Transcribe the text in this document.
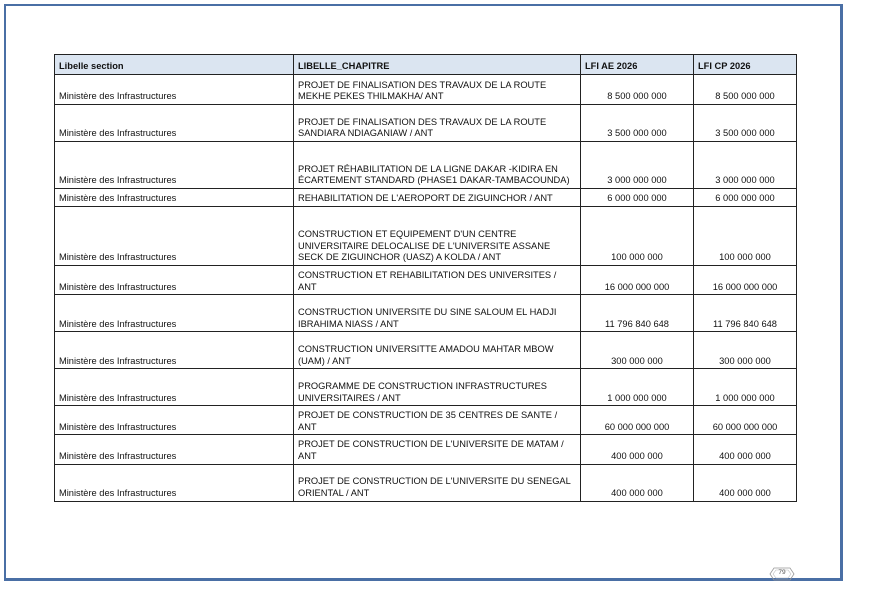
Libelle section	LIBELLE_CHAPITRE	LFI AE 2026	LFI CP 2026
Ministère des Infrastructures	PROJET DE FINALISATION DES TRAVAUX DE LA ROUTE MEKHE PEKES THILMAKHA/ ANT	8 500 000 000	8 500 000 000
Ministère des Infrastructures	PROJET DE FINALISATION DES TRAVAUX DE LA ROUTE SANDIARA NDIAGANIAW / ANT	3 500 000 000	3 500 000 000
Ministère des Infrastructures	PROJET RÉHABILITATION DE LA LIGNE DAKAR -KIDIRA EN ÉCARTEMENT STANDARD (PHASE1 DAKAR-TAMBACOUNDA)	3 000 000 000	3 000 000 000
Ministère des Infrastructures	REHABILITATION DE L'AEROPORT DE ZIGUINCHOR / ANT	6 000 000 000	6 000 000 000
Ministère des Infrastructures	CONSTRUCTION ET EQUIPEMENT D'UN CENTRE UNIVERSITAIRE DELOCALISE DE L'UNIVERSITE ASSANE SECK DE ZIGUINCHOR (UASZ) A KOLDA / ANT	100 000 000	100 000 000
Ministère des Infrastructures	CONSTRUCTION ET REHABILITATION DES UNIVERSITES / ANT	16 000 000 000	16 000 000 000
Ministère des Infrastructures	CONSTRUCTION UNIVERSITE DU SINE SALOUM EL HADJI IBRAHIMA NIASS / ANT	11 796 840 648	11 796 840 648
Ministère des Infrastructures	CONSTRUCTION UNIVERSITTE AMADOU MAHTAR MBOW (UAM) / ANT	300 000 000	300 000 000
Ministère des Infrastructures	PROGRAMME DE CONSTRUCTION INFRASTRUCTURES UNIVERSITAIRES / ANT	1 000 000 000	1 000 000 000
Ministère des Infrastructures	PROJET DE CONSTRUCTION DE 35 CENTRES DE SANTE / ANT	60 000 000 000	60 000 000 000
Ministère des Infrastructures	PROJET DE CONSTRUCTION DE L'UNIVERSITE DE MATAM / ANT	400 000 000	400 000 000
Ministère des Infrastructures	PROJET DE CONSTRUCTION DE L'UNIVERSITE DU SENEGAL ORIENTAL / ANT	400 000 000	400 000 000
79
